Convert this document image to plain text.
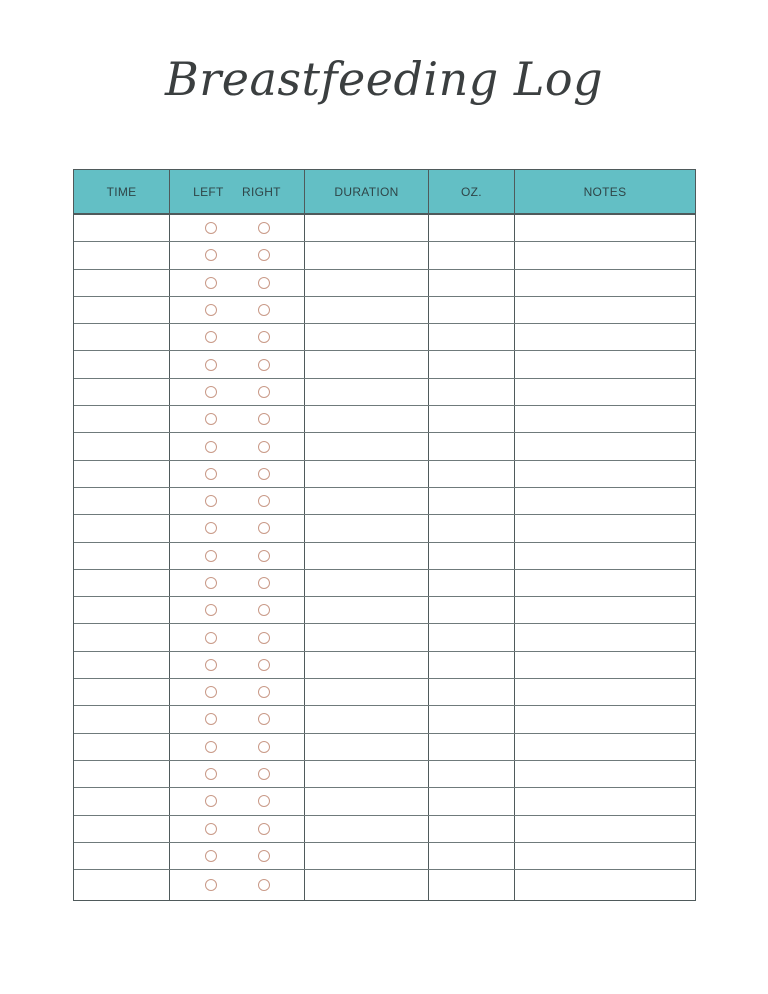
Breastfeeding Log
TIME	LEFT RIGHT	DURATION	OZ.	NOTES
